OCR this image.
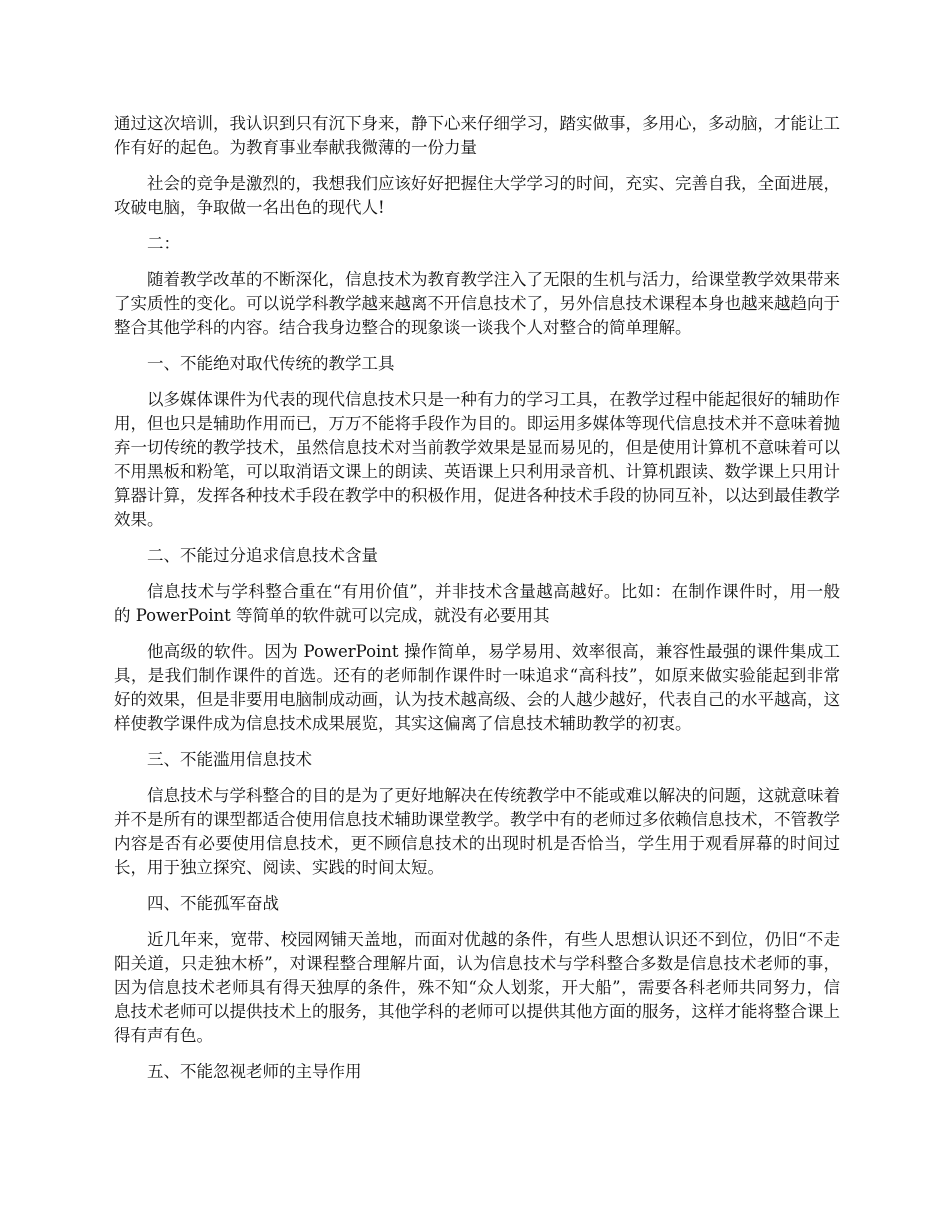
通过这次培训，我认识到只有沉下身来，静下心来仔细学习，踏实做事，多用心，多动脑，才能让工作有好的起色。为教育事业奉献我微薄的一份力量

社会的竞争是激烈的，我想我们应该好好把握住大学学习的时间，充实、完善自我，全面进展，攻破电脑，争取做一名出色的现代人!

二：

随着教学改革的不断深化，信息技术为教育教学注入了无限的生机与活力，给课堂教学效果带来了实质性的变化。可以说学科教学越来越离不开信息技术了，另外信息技术课程本身也越来越趋向于整合其他学科的内容。结合我身边整合的现象谈一谈我个人对整合的简单理解。

一、不能绝对取代传统的教学工具

以多媒体课件为代表的现代信息技术只是一种有力的学习工具，在教学过程中能起很好的辅助作用，但也只是辅助作用而已，万万不能将手段作为目的。即运用多媒体等现代信息技术并不意味着抛弃一切传统的教学技术，虽然信息技术对当前教学效果是显而易见的，但是使用计算机不意味着可以不用黑板和粉笔，可以取消语文课上的朗读、英语课上只利用录音机、计算机跟读、数学课上只用计算器计算，发挥各种技术手段在教学中的积极作用，促进各种技术手段的协同互补，以达到最佳教学效果。

二、不能过分追求信息技术含量

信息技术与学科整合重在“有用价值”，并非技术含量越高越好。比如：在制作课件时，用一般的 PowerPoint 等简单的软件就可以完成，就没有必要用其

他高级的软件。因为 PowerPoint 操作简单，易学易用、效率很高，兼容性最强的课件集成工具，是我们制作课件的首选。还有的老师制作课件时一味追求“高科技”，如原来做实验能起到非常好的效果，但是非要用电脑制成动画，认为技术越高级、会的人越少越好，代表自己的水平越高，这样使教学课件成为信息技术成果展览，其实这偏离了信息技术辅助教学的初衷。

三、不能滥用信息技术

信息技术与学科整合的目的是为了更好地解决在传统教学中不能或难以解决的问题，这就意味着并不是所有的课型都适合使用信息技术辅助课堂教学。教学中有的老师过多依赖信息技术，不管教学内容是否有必要使用信息技术，更不顾信息技术的出现时机是否恰当，学生用于观看屏幕的时间过长，用于独立探究、阅读、实践的时间太短。

四、不能孤军奋战

近几年来，宽带、校园网铺天盖地，而面对优越的条件，有些人思想认识还不到位，仍旧“不走阳关道，只走独木桥”，对课程整合理解片面，认为信息技术与学科整合多数是信息技术老师的事，因为信息技术老师具有得天独厚的条件，殊不知“众人划浆，开大船”，需要各科老师共同努力，信息技术老师可以提供技术上的服务，其他学科的老师可以提供其他方面的服务，这样才能将整合课上得有声有色。

五、不能忽视老师的主导作用
